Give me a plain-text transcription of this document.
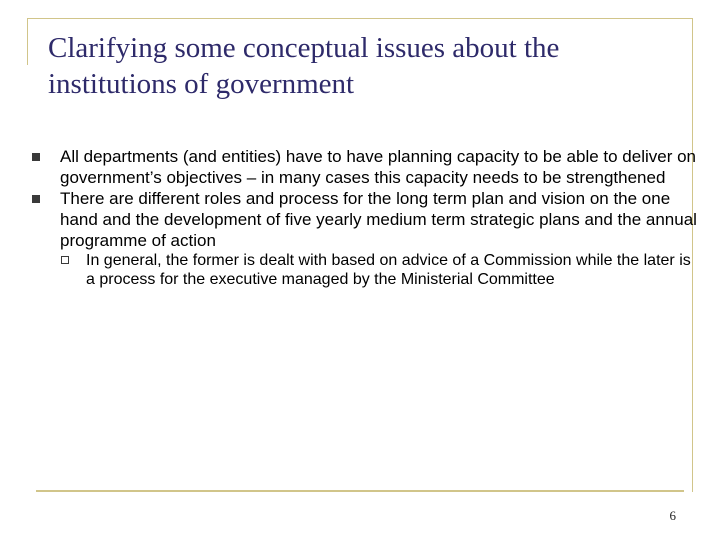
Clarifying some conceptual issues about the institutions of government
All departments (and entities) have to have planning capacity to be able to deliver on government’s objectives – in many cases this capacity needs to be strengthened
There are different roles and process for the long term plan and vision on the one hand and the development of five yearly medium term strategic plans and the annual programme of action
In general, the former is dealt with based on advice of a Commission while the later is a process for the executive managed by the Ministerial Committee
6
